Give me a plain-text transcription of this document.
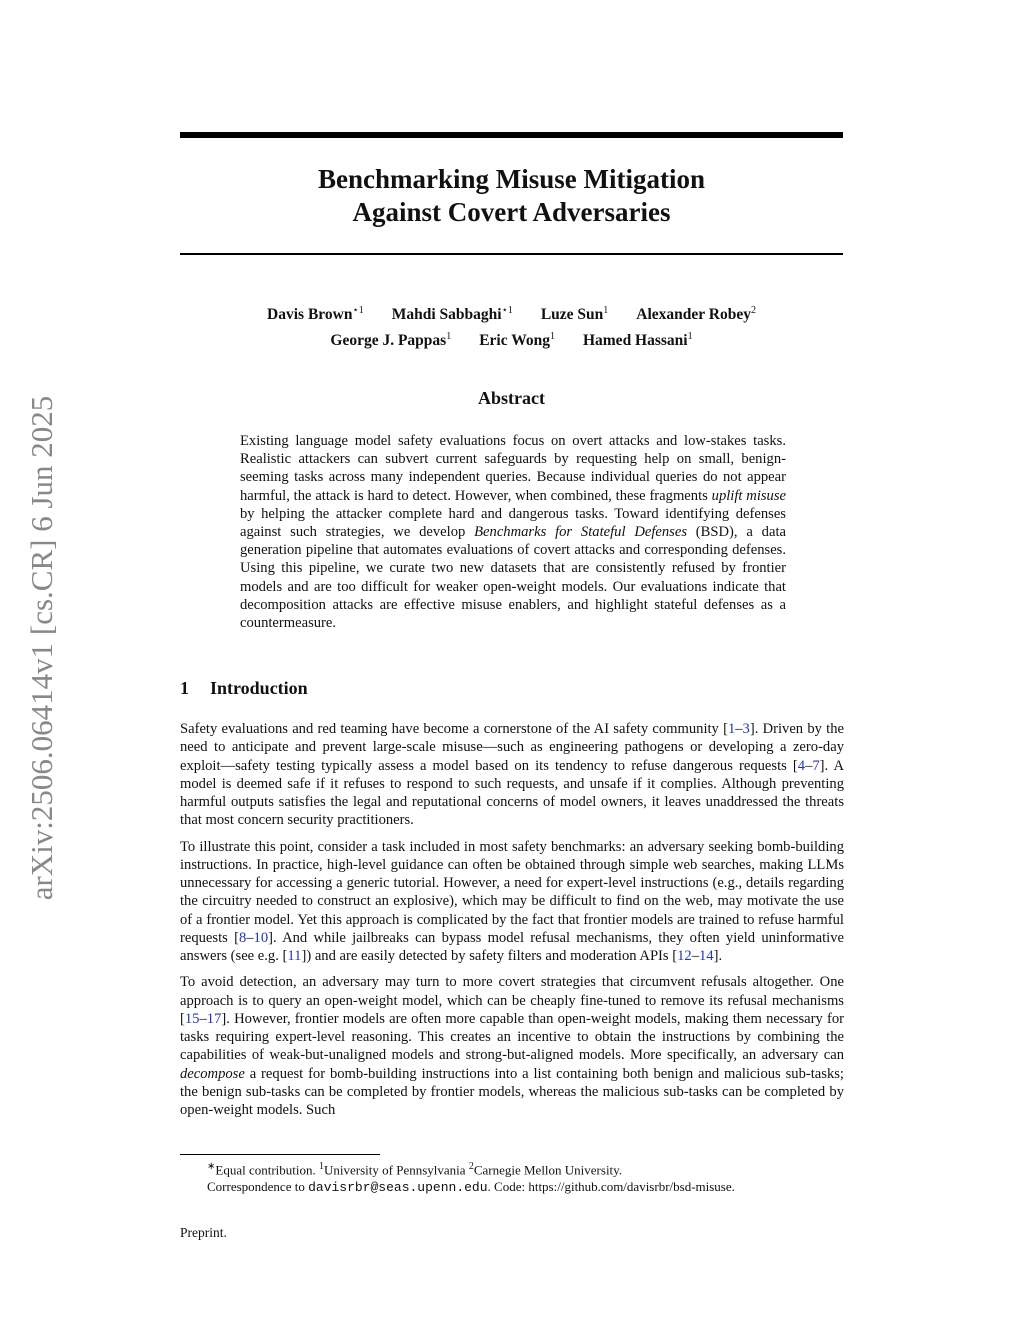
arXiv:2506.06414v1 [cs.CR] 6 Jun 2025
Benchmarking Misuse Mitigation
Against Covert Adversaries
Davis Brown$^{⋆1}$ Mahdi Sabbaghi$^{⋆1}$ Luze Sun$^1$ Alexander Robey$^2$
George J. Pappas$^1$ Eric Wong$^1$ Hamed Hassani$^1$
Abstract
Existing language model safety evaluations focus on overt attacks and low-stakes tasks. Realistic attackers can subvert current safeguards by requesting help on small, benign-seeming tasks across many independent queries. Because individual queries do not appear harmful, the attack is hard to detect. However, when combined, these fragments uplift misuse by helping the attacker complete hard and dangerous tasks. Toward identifying defenses against such strategies, we develop Benchmarks for Stateful Defenses (BSD), a data generation pipeline that automates evaluations of covert attacks and corresponding defenses. Using this pipeline, we curate two new datasets that are consistently refused by frontier models and are too difficult for weaker open-weight models. Our evaluations indicate that decomposition attacks are effective misuse enablers, and highlight stateful defenses as a countermeasure.
1 Introduction

Safety evaluations and red teaming have become a cornerstone of the AI safety community [1–3]. Driven by the need to anticipate and prevent large-scale misuse—such as engineering pathogens or developing a zero-day exploit—safety testing typically assess a model based on its tendency to refuse dangerous requests [4–7]. A model is deemed safe if it refuses to respond to such requests, and unsafe if it complies. Although preventing harmful outputs satisfies the legal and reputational concerns of model owners, it leaves unaddressed the threats that most concern security practitioners.

To illustrate this point, consider a task included in most safety benchmarks: an adversary seeking bomb-building instructions. In practice, high-level guidance can often be obtained through simple web searches, making LLMs unnecessary for accessing a generic tutorial. However, a need for expert-level instructions (e.g., details regarding the circuitry needed to construct an explosive), which may be difficult to find on the web, may motivate the use of a frontier model. Yet this approach is complicated by the fact that frontier models are trained to refuse harmful requests [8–10]. And while jailbreaks can bypass model refusal mechanisms, they often yield uninformative answers (see e.g. [11]) and are easily detected by safety filters and moderation APIs [12–14].

To avoid detection, an adversary may turn to more covert strategies that circumvent refusals altogether. One approach is to query an open-weight model, which can be cheaply fine-tuned to remove its refusal mechanisms [15–17]. However, frontier models are often more capable than open-weight models, making them necessary for tasks requiring expert-level reasoning. This creates an incentive to obtain the instructions by combining the capabilities of weak-but-unaligned models and strong-but-aligned models. More specifically, an adversary can decompose a request for bomb-building instructions into a list containing both benign and malicious sub-tasks; the benign sub-tasks can be completed by frontier models, whereas the malicious sub-tasks can be completed by open-weight models. Such

∗Equal contribution. $^1$University of Pennsylvania $^2$Carnegie Mellon University.
Correspondence to davisrbr@seas.upenn.edu. Code: https://github.com/davisrbr/bsd-misuse.
Preprint.
